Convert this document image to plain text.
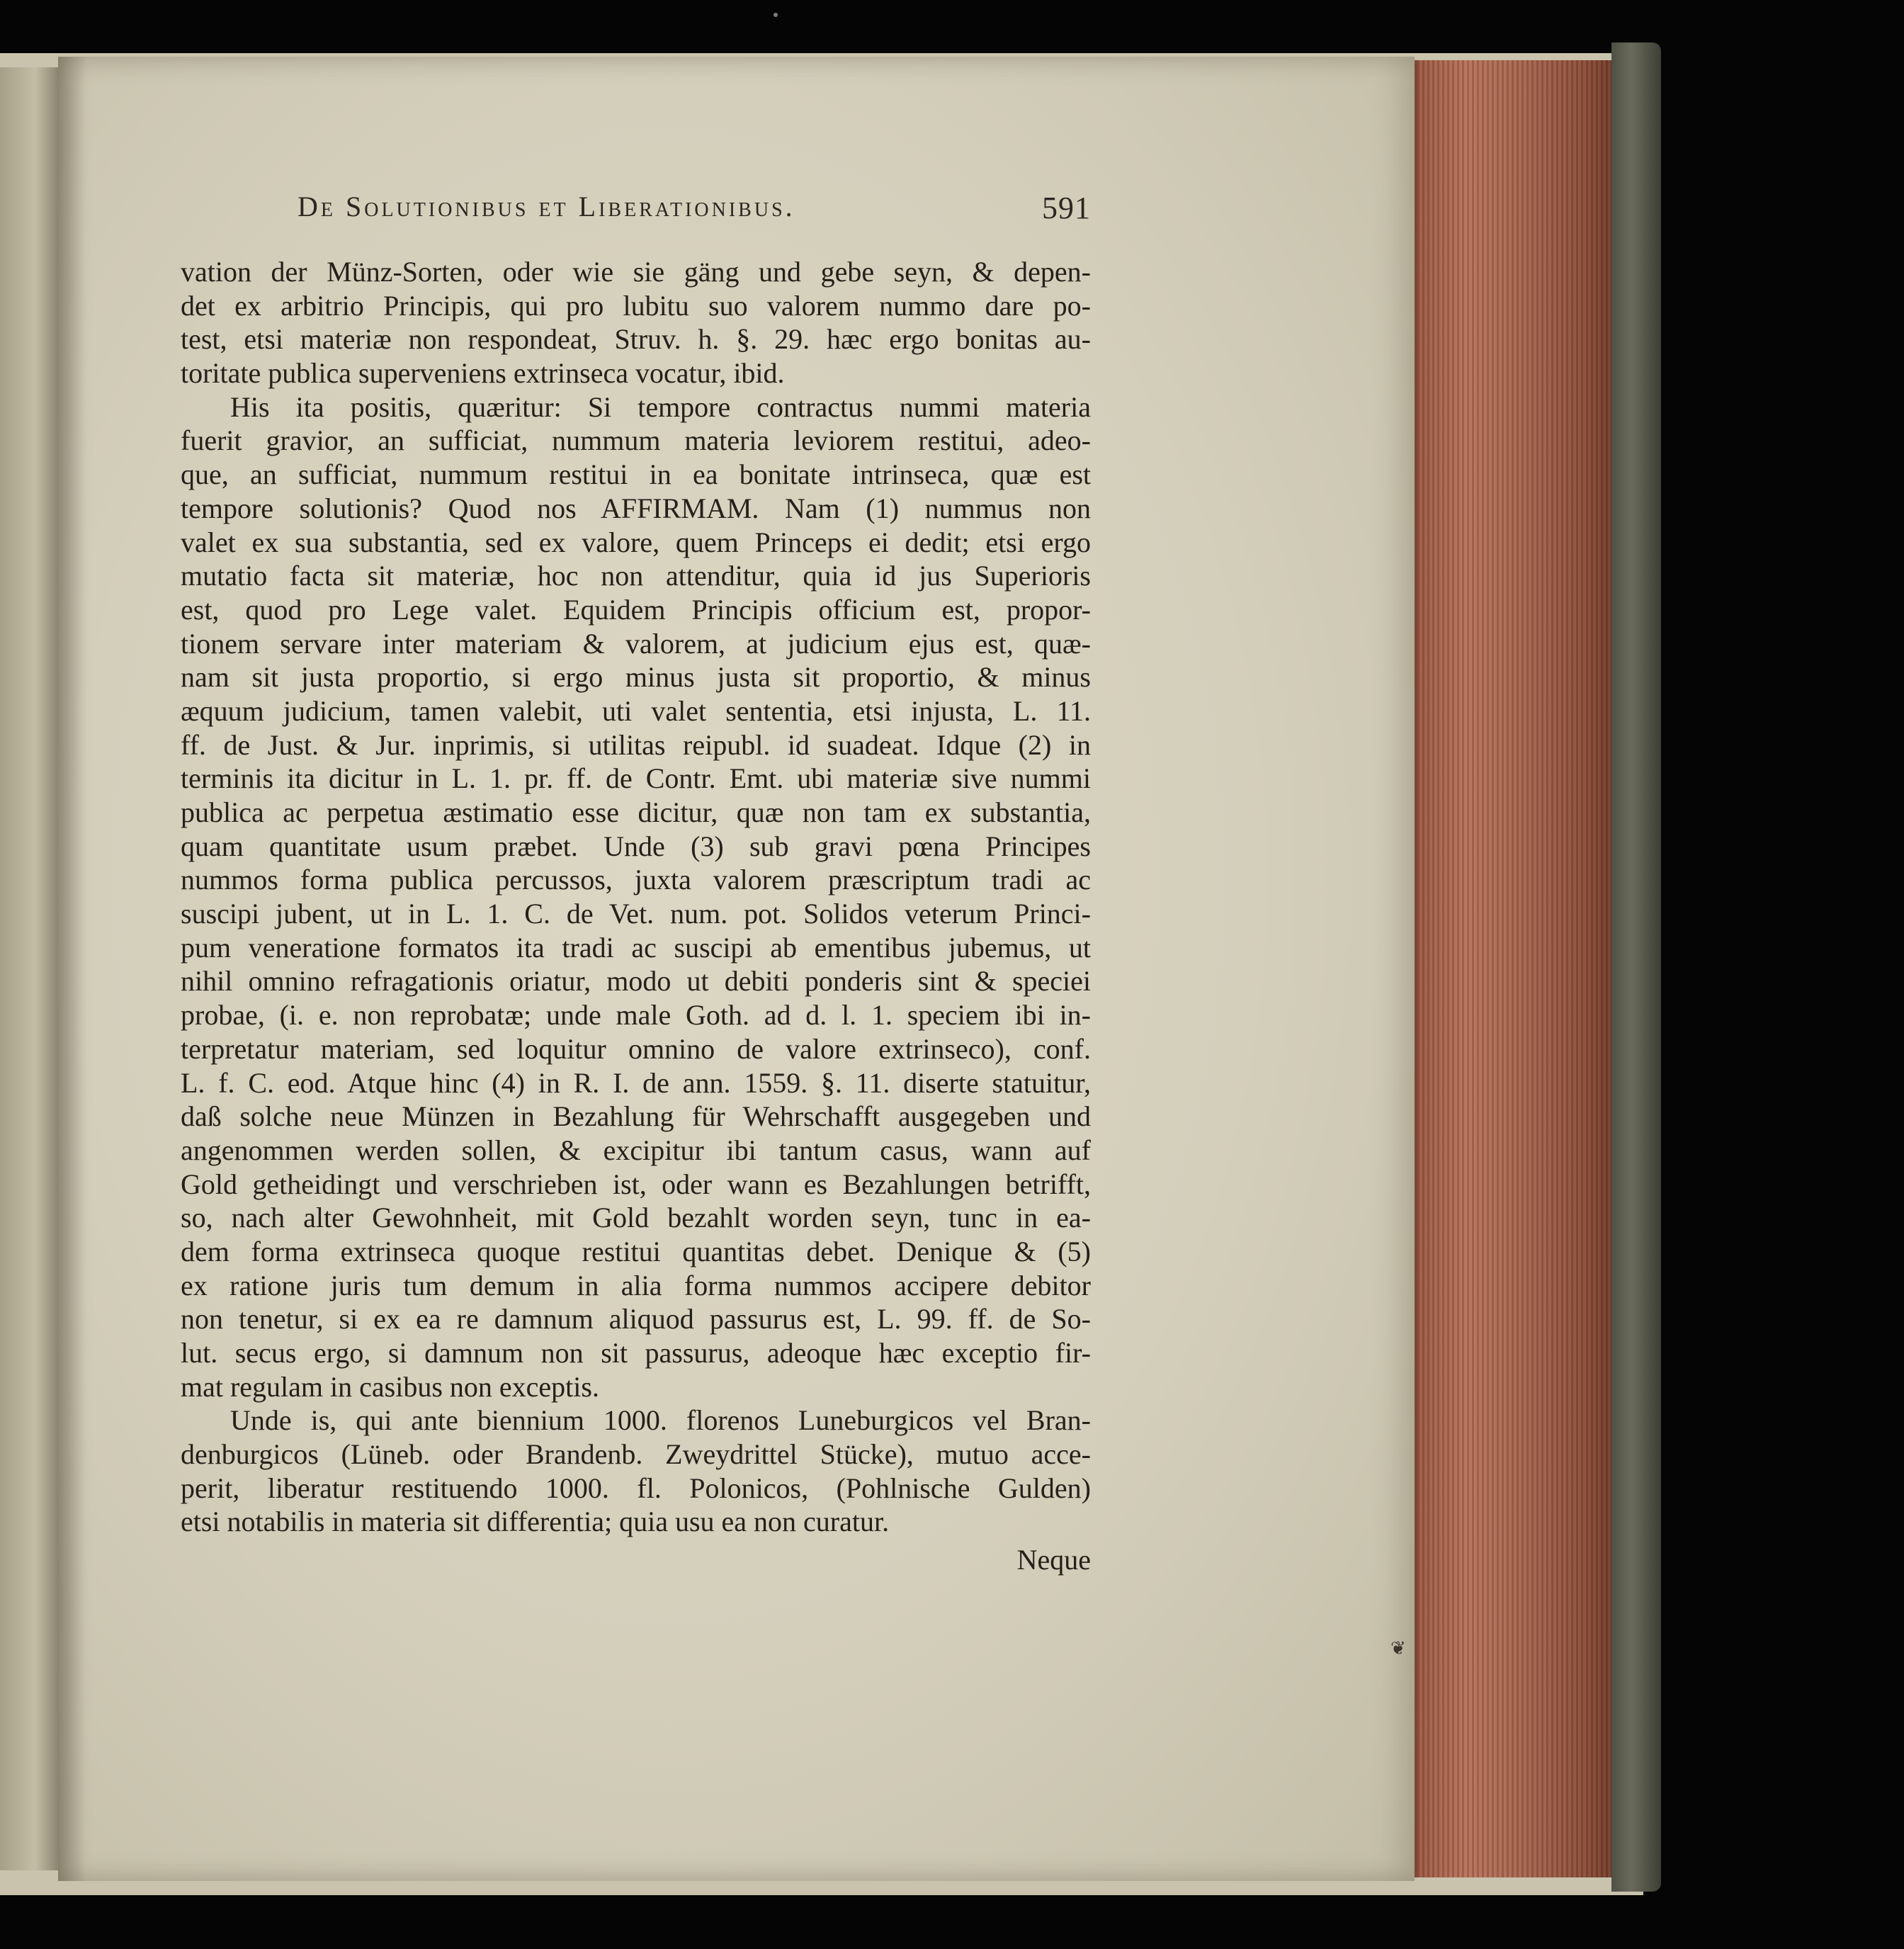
De Solutionibus et Liberationibus.	591
vation der Münz-Sorten, oder wie sie gäng und gebe seyn, & depen-
det ex arbitrio Principis, qui pro lubitu suo valorem nummo dare po-
test, etsi materiæ non respondeat, Struv. h. §. 29. hæc ergo bonitas au-
toritate publica superveniens extrinseca vocatur, ibid.
His ita positis, quæritur: Si tempore contractus nummi materia
fuerit gravior, an sufficiat, nummum materia leviorem restitui, adeo-
que, an sufficiat, nummum restitui in ea bonitate intrinseca, quæ est
tempore solutionis? Quod nos AFFIRMAM. Nam (1) nummus non
valet ex sua substantia, sed ex valore, quem Princeps ei dedit; etsi ergo
mutatio facta sit materiæ, hoc non attenditur, quia id jus Superioris
est, quod pro Lege valet. Equidem Principis officium est, propor-
tionem servare inter materiam & valorem, at judicium ejus est, quæ-
nam sit justa proportio, si ergo minus justa sit proportio, & minus
æquum judicium, tamen valebit, uti valet sententia, etsi injusta, L. 11.
ff. de Just. & Jur. inprimis, si utilitas reipubl. id suadeat. Idque (2) in
terminis ita dicitur in L. 1. pr. ff. de Contr. Emt. ubi materiæ sive nummi
publica ac perpetua æstimatio esse dicitur, quæ non tam ex substantia,
quam quantitate usum præbet. Unde (3) sub gravi pœna Principes
nummos forma publica percussos, juxta valorem præscriptum tradi ac
suscipi jubent, ut in L. 1. C. de Vet. num. pot. Solidos veterum Princi-
pum veneratione formatos ita tradi ac suscipi ab ementibus jubemus, ut
nihil omnino refragationis oriatur, modo ut debiti ponderis sint & speciei
probae, (i. e. non reprobatæ; unde male Goth. ad d. l. 1. speciem ibi in-
terpretatur materiam, sed loquitur omnino de valore extrinseco), conf.
L. f. C. eod. Atque hinc (4) in R. I. de ann. 1559. §. 11. diserte statuitur,
daß solche neue Münzen in Bezahlung für Wehrschafft ausgegeben und
angenommen werden sollen, & excipitur ibi tantum casus, wann auf
Gold getheidingt und verschrieben ist, oder wann es Bezahlungen betrifft,
so, nach alter Gewohnheit, mit Gold bezahlt worden seyn, tunc in ea-
dem forma extrinseca quoque restitui quantitas debet. Denique & (5)
ex ratione juris tum demum in alia forma nummos accipere debitor
non tenetur, si ex ea re damnum aliquod passurus est, L. 99. ff. de So-
lut. secus ergo, si damnum non sit passurus, adeoque hæc exceptio fir-
mat regulam in casibus non exceptis.
Unde is, qui ante biennium 1000. florenos Luneburgicos vel Bran-
denburgicos (Lüneb. oder Brandenb. Zweydrittel Stücke), mutuo acce-
perit, liberatur restituendo 1000. fl. Polonicos, (Pohlnische Gulden)
etsi notabilis in materia sit differentia; quia usu ea non curatur.
Neque
❦
